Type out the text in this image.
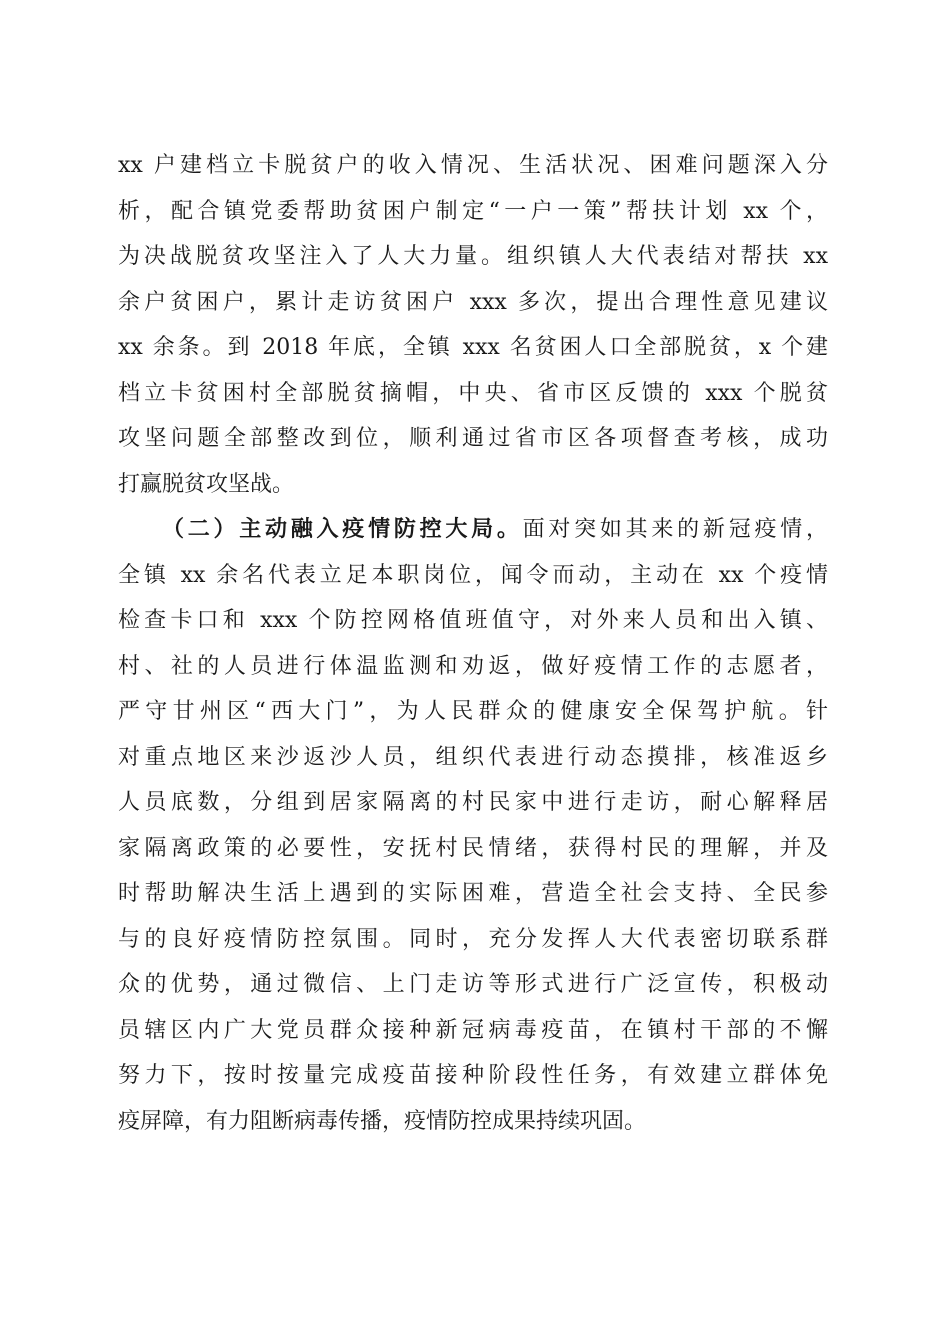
xx 户建档立卡脱贫户的收入情况、生活状况、困难问题深入分
析，配合镇党委帮助贫困户制定“一户一策”帮扶计划 xx 个，
为决战脱贫攻坚注入了人大力量。组织镇人大代表结对帮扶 xx
余户贫困户，累计走访贫困户 xxx 多次，提出合理性意见建议
xx 余条。到 2018 年底，全镇 xxx 名贫困人口全部脱贫，x 个建
档立卡贫困村全部脱贫摘帽，中央、省市区反馈的 xxx 个脱贫
攻坚问题全部整改到位，顺利通过省市区各项督查考核，成功
打赢脱贫攻坚战。
（二）主动融入疫情防控大局。面对突如其来的新冠疫情，
全镇 xx 余名代表立足本职岗位，闻令而动，主动在 xx 个疫情
检查卡口和 xxx 个防控网格值班值守，对外来人员和出入镇、
村、社的人员进行体温监测和劝返，做好疫情工作的志愿者，
严守甘州区“西大门”，为人民群众的健康安全保驾护航。针
对重点地区来沙返沙人员，组织代表进行动态摸排，核准返乡
人员底数，分组到居家隔离的村民家中进行走访，耐心解释居
家隔离政策的必要性，安抚村民情绪，获得村民的理解，并及
时帮助解决生活上遇到的实际困难，营造全社会支持、全民参
与的良好疫情防控氛围。同时，充分发挥人大代表密切联系群
众的优势，通过微信、上门走访等形式进行广泛宣传，积极动
员辖区内广大党员群众接种新冠病毒疫苗，在镇村干部的不懈
努力下，按时按量完成疫苗接种阶段性任务，有效建立群体免
疫屏障，有力阻断病毒传播，疫情防控成果持续巩固。
